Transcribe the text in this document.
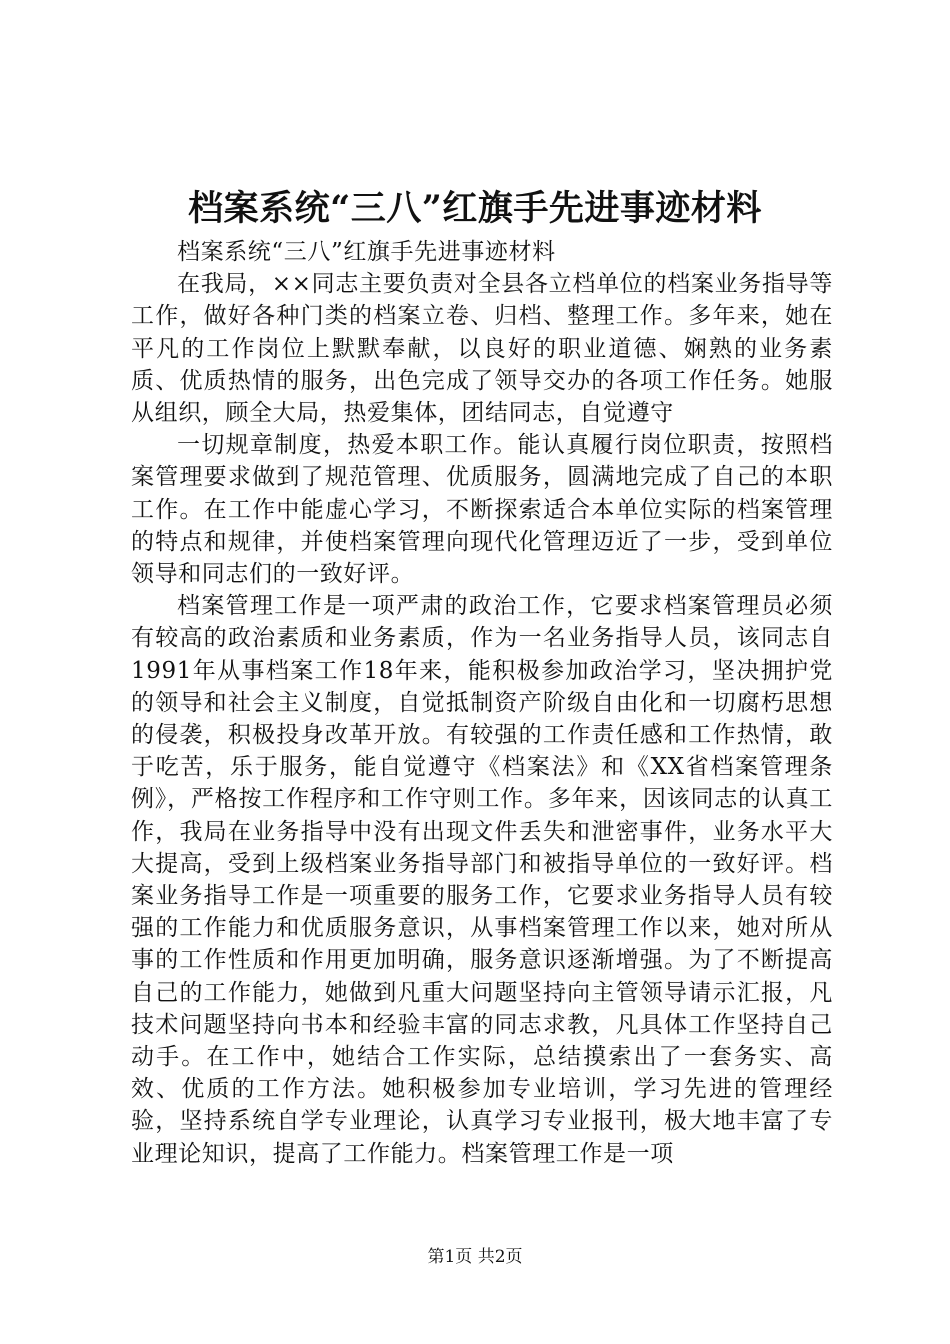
档案系统“三八”红旗手先进事迹材料

档案系统“三八”红旗手先进事迹材料

在我局，××同志主要负责对全县各立档单位的档案业务指导等工作，做好各种门类的档案立卷、归档、整理工作。多年来，她在平凡的工作岗位上默默奉献，以良好的职业道德、娴熟的业务素质、优质热情的服务，出色完成了领导交办的各项工作任务。她服从组织，顾全大局，热爱集体，团结同志，自觉遵守

一切规章制度，热爱本职工作。能认真履行岗位职责，按照档案管理要求做到了规范管理、优质服务，圆满地完成了自己的本职工作。在工作中能虚心学习，不断探索适合本单位实际的档案管理的特点和规律，并使档案管理向现代化管理迈近了一步，受到单位领导和同志们的一致好评。

档案管理工作是一项严肃的政治工作，它要求档案管理员必须有较高的政治素质和业务素质，作为一名业务指导人员，该同志自1991年从事档案工作18年来，能积极参加政治学习，坚决拥护党的领导和社会主义制度，自觉抵制资产阶级自由化和一切腐朽思想的侵袭，积极投身改革开放。有较强的工作责任感和工作热情，敢于吃苦，乐于服务，能自觉遵守《档案法》和《XX省档案管理条例》，严格按工作程序和工作守则工作。多年来，因该同志的认真工作，我局在业务指导中没有出现文件丢失和泄密事件，业务水平大大提高，受到上级档案业务指导部门和被指导单位的一致好评。档案业务指导工作是一项重要的服务工作，它要求业务指导人员有较强的工作能力和优质服务意识，从事档案管理工作以来，她对所从事的工作性质和作用更加明确，服务意识逐渐增强。为了不断提高自己的工作能力，她做到凡重大问题坚持向主管领导请示汇报，凡技术问题坚持向书本和经验丰富的同志求教，凡具体工作坚持自己动手。在工作中，她结合工作实际，总结摸索出了一套务实、高效、优质的工作方法。她积极参加专业培训，学习先进的管理经验，坚持系统自学专业理论，认真学习专业报刊，极大地丰富了专业理论知识，提高了工作能力。档案管理工作是一项

第1页 共2页
